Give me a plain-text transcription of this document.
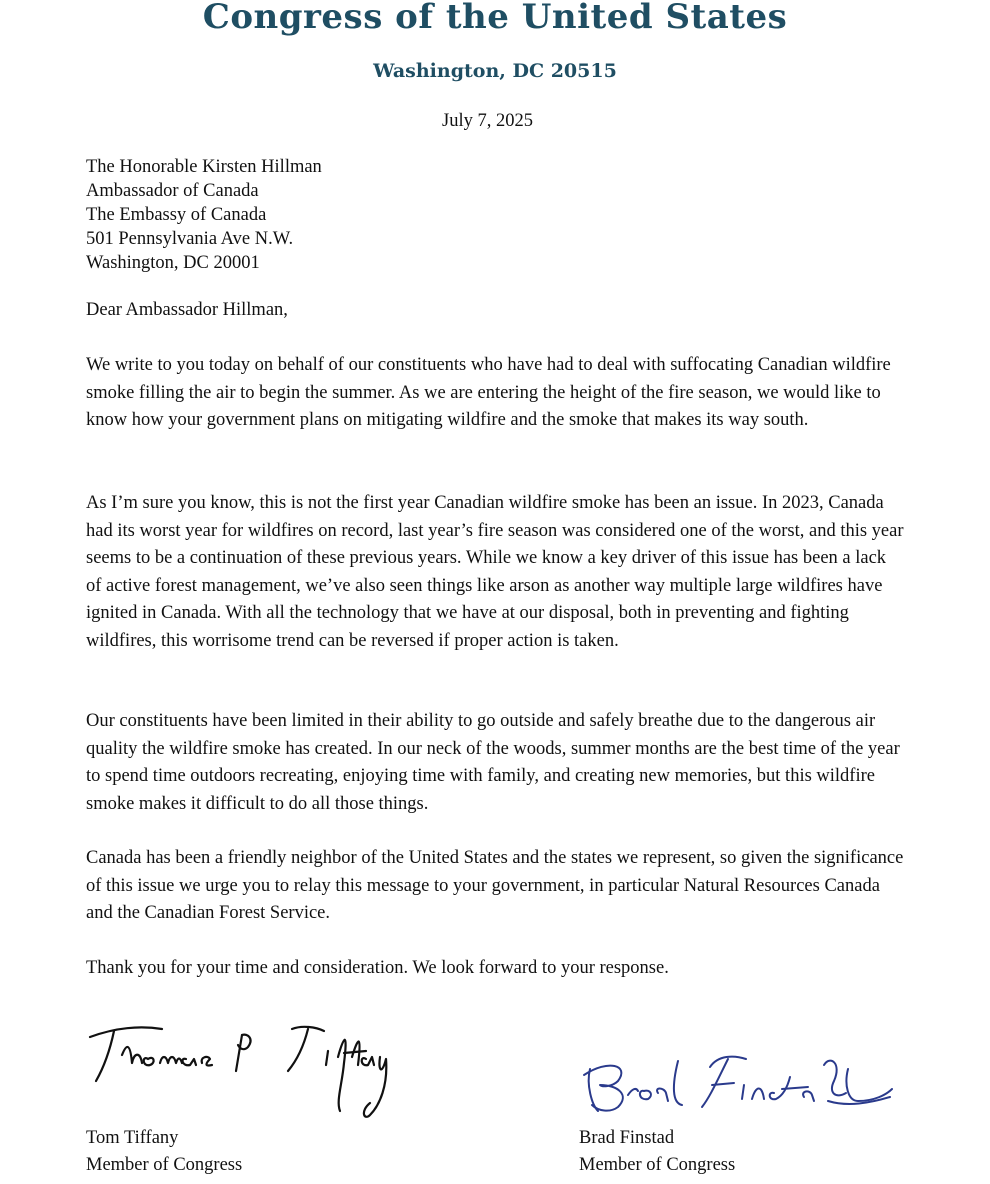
Congress of the United States
Washington, DC 20515
July 7, 2025
The Honorable Kirsten Hillman
Ambassador of Canada
The Embassy of Canada
501 Pennsylvania Ave N.W.
Washington, DC 20001
Dear Ambassador Hillman,

We write to you today on behalf of our constituents who have had to deal with suffocating Canadian wildfire smoke filling the air to begin the summer. As we are entering the height of the fire season, we would like to know how your government plans on mitigating wildfire and the smoke that makes its way south.

As I’m sure you know, this is not the first year Canadian wildfire smoke has been an issue. In 2023, Canada had its worst year for wildfires on record, last year’s fire season was considered one of the worst, and this year seems to be a continuation of these previous years. While we know a key driver of this issue has been a lack of active forest management, we’ve also seen things like arson as another way multiple large wildfires have ignited in Canada. With all the technology that we have at our disposal, both in preventing and fighting wildfires, this worrisome trend can be reversed if proper action is taken.

Our constituents have been limited in their ability to go outside and safely breathe due to the dangerous air quality the wildfire smoke has created. In our neck of the woods, summer months are the best time of the year to spend time outdoors recreating, enjoying time with family, and creating new memories, but this wildfire smoke makes it difficult to do all those things.

Canada has been a friendly neighbor of the United States and the states we represent, so given the significance of this issue we urge you to relay this message to your government, in particular Natural Resources Canada and the Canadian Forest Service.

Thank you for your time and consideration. We look forward to your response.

Tom Tiffany
Member of Congress
Brad Finstad
Member of Congress
